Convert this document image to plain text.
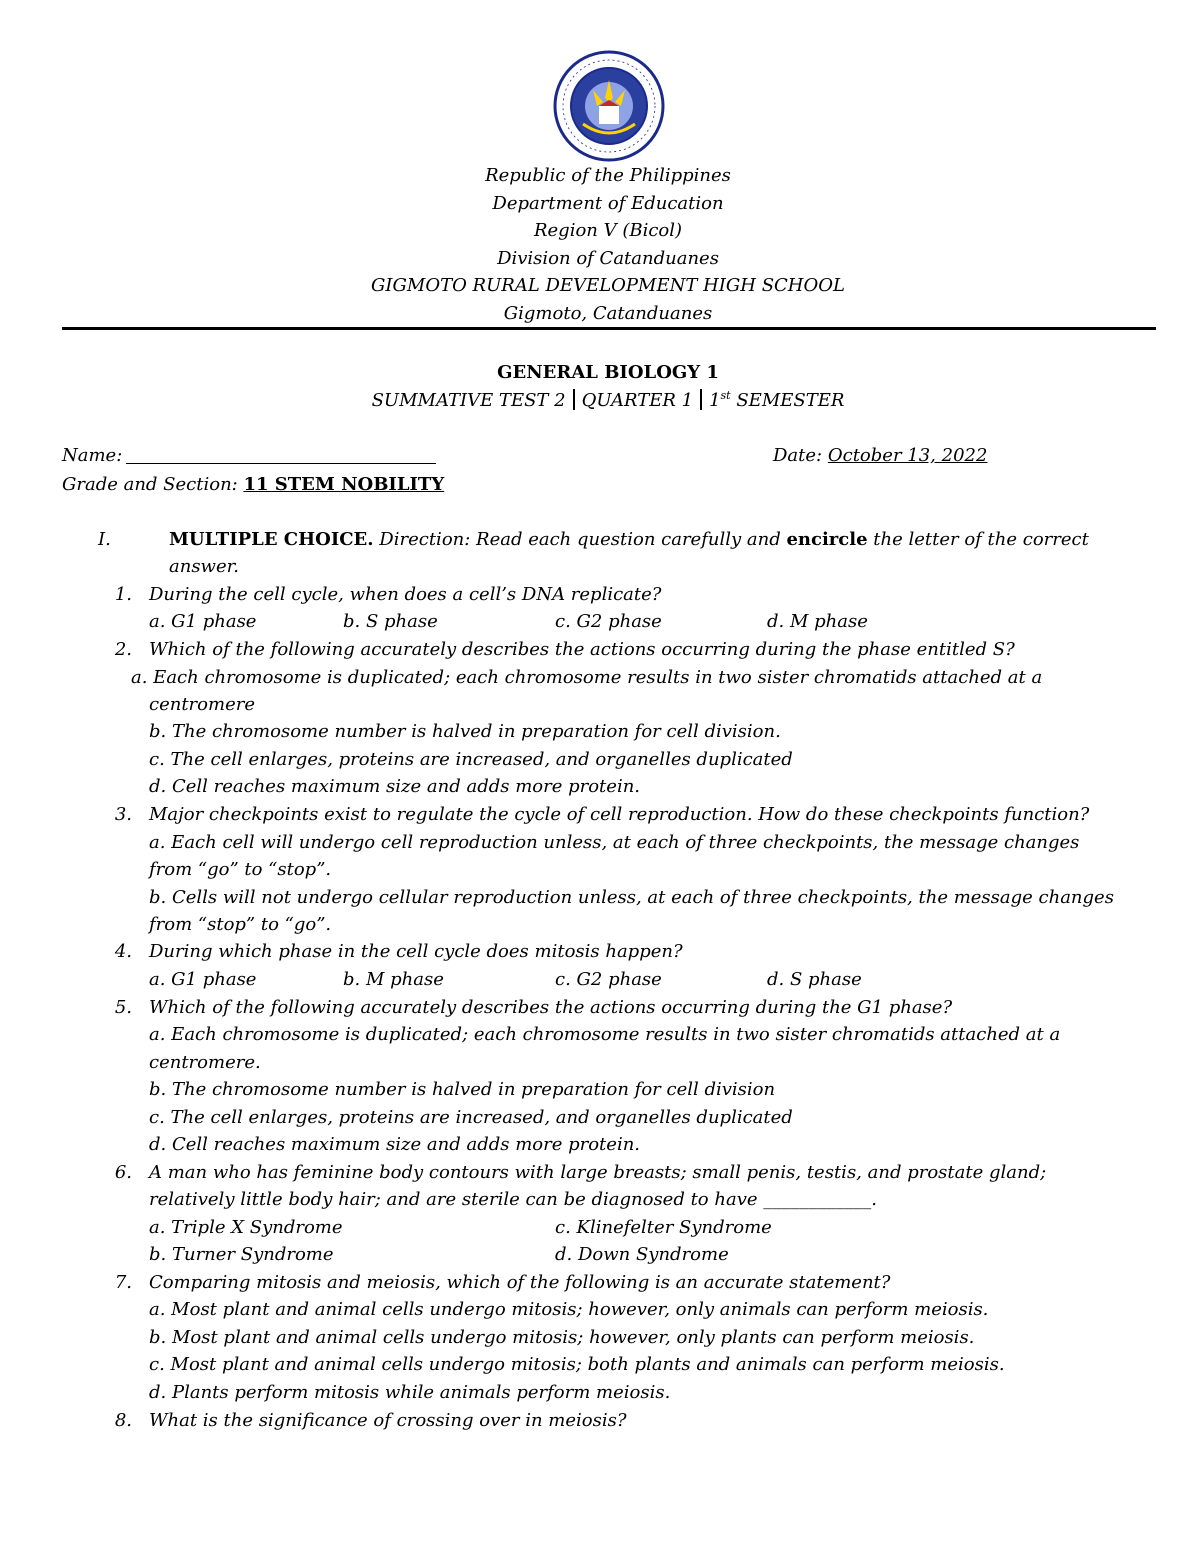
Republic of the Philippines
Department of Education
Region V (Bicol)
Division of Catanduanes
GIGMOTO RURAL DEVELOPMENT HIGH SCHOOL
Gigmoto, Catanduanes
GENERAL BIOLOGY 1
SUMMATIVE TEST 2 QUARTER 1 1st SEMESTER
Name:	Date: October 13, 2022
Grade and Section: 11 STEM NOBILITY
I.	MULTIPLE CHOICE. Direction: Read each question carefully and encircle the letter of the correct
answer.
1. During the cell cycle, when does a cell’s DNA replicate?
a. G1 phase	b. S phase	c. G2 phase	d. M phase
2. Which of the following accurately describes the actions occurring during the phase entitled S?
a. Each chromosome is duplicated; each chromosome results in two sister chromatids attached at a
centromere
b. The chromosome number is halved in preparation for cell division.
c. The cell enlarges, proteins are increased, and organelles duplicated
d. Cell reaches maximum size and adds more protein.
3. Major checkpoints exist to regulate the cycle of cell reproduction. How do these checkpoints function?
a. Each cell will undergo cell reproduction unless, at each of three checkpoints, the message changes
from “go” to “stop”.
b. Cells will not undergo cellular reproduction unless, at each of three checkpoints, the message changes
from “stop” to “go”.
4. During which phase in the cell cycle does mitosis happen?
a. G1 phase	b. M phase	c. G2 phase	d. S phase
5. Which of the following accurately describes the actions occurring during the G1 phase?
a. Each chromosome is duplicated; each chromosome results in two sister chromatids attached at a
centromere.
b. The chromosome number is halved in preparation for cell division
c. The cell enlarges, proteins are increased, and organelles duplicated
d. Cell reaches maximum size and adds more protein.
6. A man who has feminine body contours with large breasts; small penis, testis, and prostate gland;
relatively little body hair; and are sterile can be diagnosed to have ____________.
a. Triple X Syndrome	c. Klinefelter Syndrome
b. Turner Syndrome	d. Down Syndrome
7. Comparing mitosis and meiosis, which of the following is an accurate statement?
a. Most plant and animal cells undergo mitosis; however, only animals can perform meiosis.
b. Most plant and animal cells undergo mitosis; however, only plants can perform meiosis.
c. Most plant and animal cells undergo mitosis; both plants and animals can perform meiosis.
d. Plants perform mitosis while animals perform meiosis.
8. What is the significance of crossing over in meiosis?
